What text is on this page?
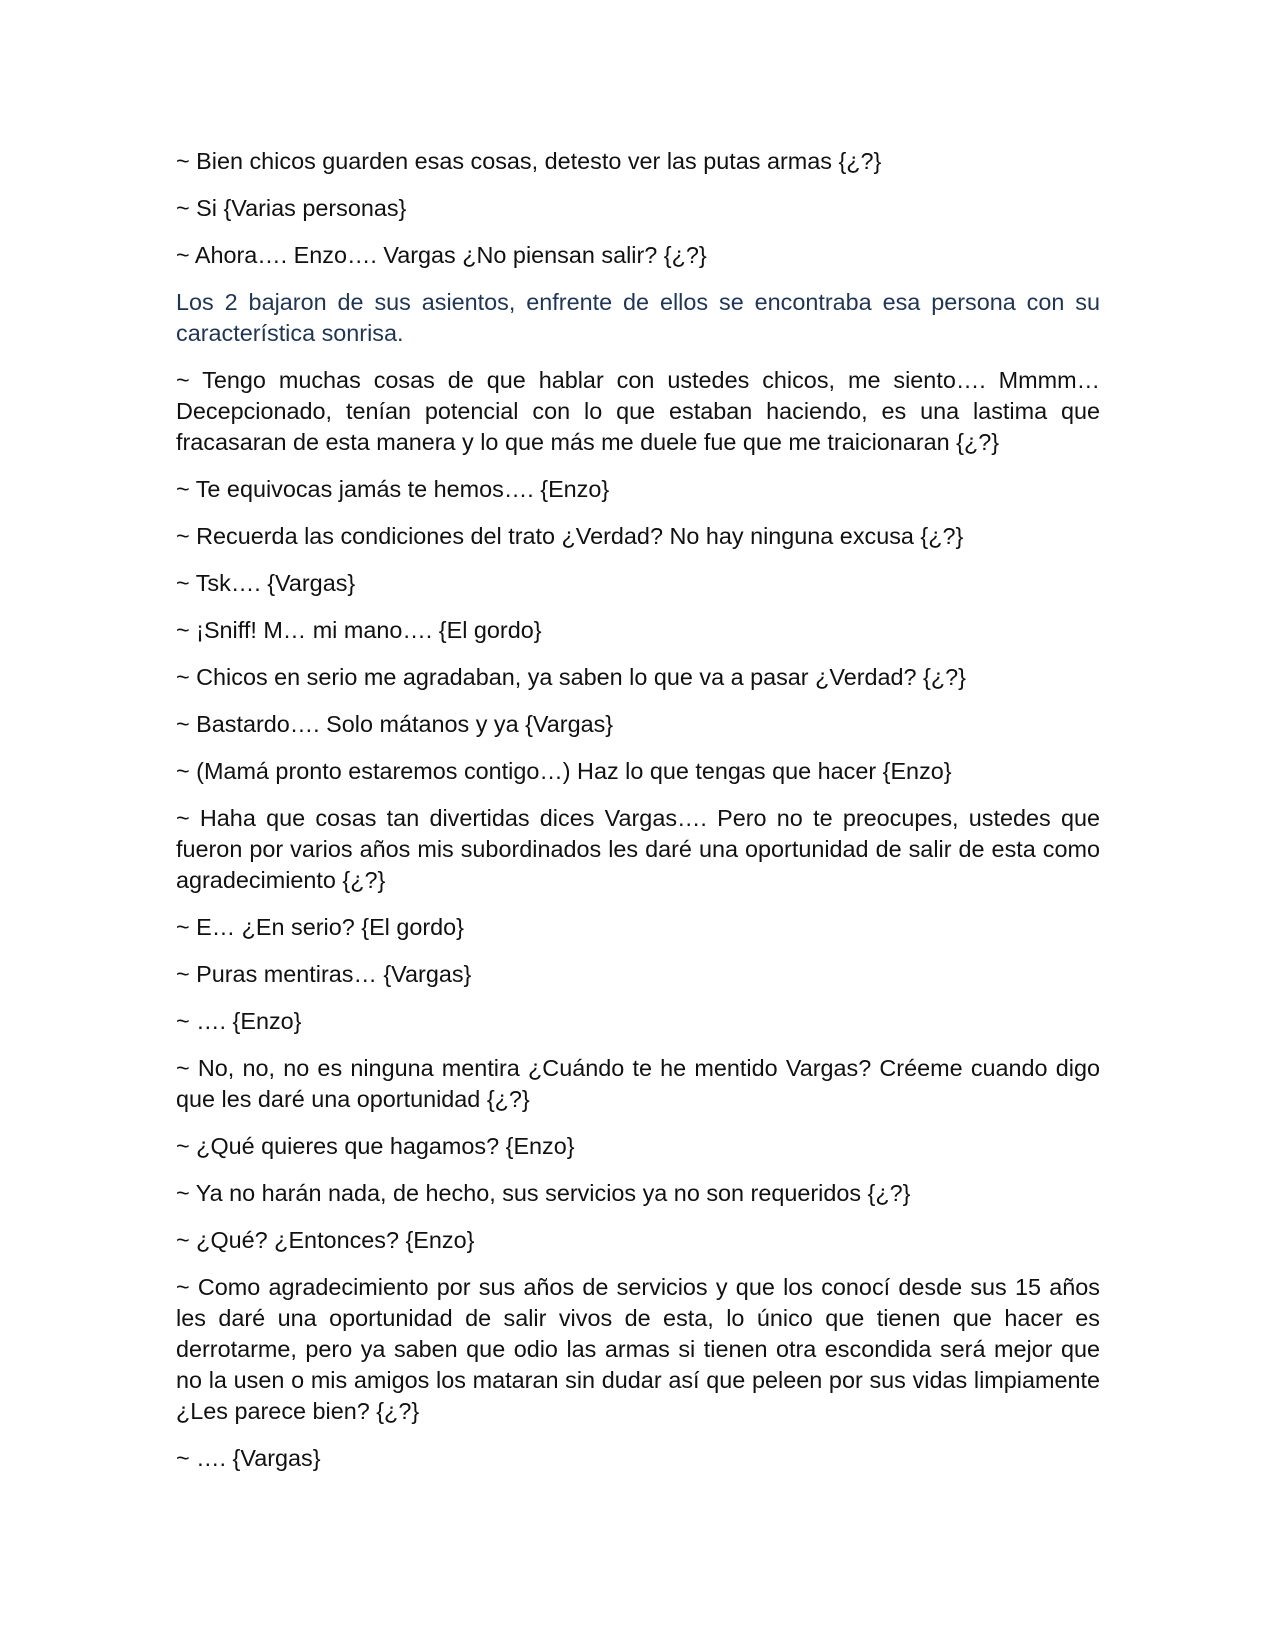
~ Bien chicos guarden esas cosas, detesto ver las putas armas {¿?}

~ Si {Varias personas}

~ Ahora…. Enzo…. Vargas ¿No piensan salir? {¿?}

Los 2 bajaron de sus asientos, enfrente de ellos se encontraba esa persona con su característica sonrisa.

~ Tengo muchas cosas de que hablar con ustedes chicos, me siento…. Mmmm… Decepcionado, tenían potencial con lo que estaban haciendo, es una lastima que fracasaran de esta manera y lo que más me duele fue que me traicionaran {¿?}

~ Te equivocas jamás te hemos…. {Enzo}

~ Recuerda las condiciones del trato ¿Verdad? No hay ninguna excusa {¿?}

~ Tsk…. {Vargas}

~ ¡Sniff! M… mi mano…. {El gordo}

~ Chicos en serio me agradaban, ya saben lo que va a pasar ¿Verdad? {¿?}

~ Bastardo…. Solo mátanos y ya {Vargas}

~ (Mamá pronto estaremos contigo…) Haz lo que tengas que hacer {Enzo}

~ Haha que cosas tan divertidas dices Vargas…. Pero no te preocupes, ustedes que fueron por varios años mis subordinados les daré una oportunidad de salir de esta como agradecimiento {¿?}

~ E… ¿En serio? {El gordo}

~ Puras mentiras… {Vargas}

~ …. {Enzo}

~ No, no, no es ninguna mentira ¿Cuándo te he mentido Vargas? Créeme cuando digo que les daré una oportunidad {¿?}

~ ¿Qué quieres que hagamos? {Enzo}

~ Ya no harán nada, de hecho, sus servicios ya no son requeridos {¿?}

~ ¿Qué? ¿Entonces? {Enzo}

~ Como agradecimiento por sus años de servicios y que los conocí desde sus 15 años les daré una oportunidad de salir vivos de esta, lo único que tienen que hacer es derrotarme, pero ya saben que odio las armas si tienen otra escondida será mejor que no la usen o mis amigos los mataran sin dudar así que peleen por sus vidas limpiamente ¿Les parece bien? {¿?}

~ …. {Vargas}
